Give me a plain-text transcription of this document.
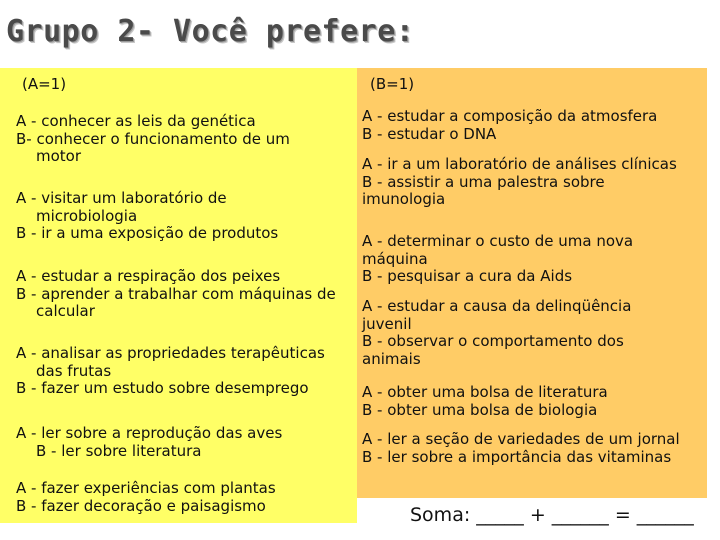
Grupo 2- Você prefere:
(A=1)	(B=1)
A - conhecer as leis da genética
B- conhecer o funcionamento de um
motor
A - visitar um laboratório de
microbiologia
B - ir a uma exposição de produtos
A - estudar a respiração dos peixes
B - aprender a trabalhar com máquinas de
calcular
A - analisar as propriedades terapêuticas
das frutas
B - fazer um estudo sobre desemprego
A - ler sobre a reprodução das aves
B - ler sobre literatura
A - fazer experiências com plantas
B - fazer decoração e paisagismo
A - estudar a composição da atmosfera
B - estudar o DNA
A - ir a um laboratório de análises clínicas
B - assistir a uma palestra sobre
imunologia
A - determinar o custo de uma nova
máquina
B - pesquisar a cura da Aids
A - estudar a causa da delinqüência
juvenil
B - observar o comportamento dos
animais
A - obter uma bolsa de literatura
B - obter uma bolsa de biologia
A - ler a seção de variedades de um jornal
B - ler sobre a importância das vitaminas
Soma: _____ + ______ = ______
